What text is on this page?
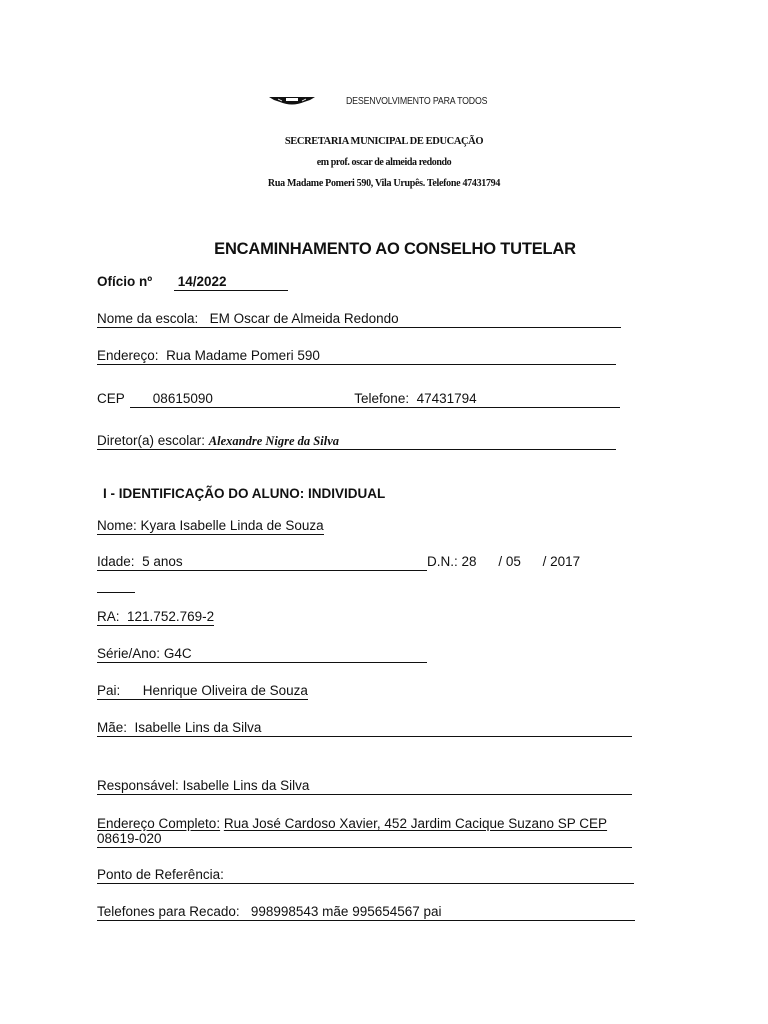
DESENVOLVIMENTO PARA TODOS
SECRETARIA MUNICIPAL DE EDUCAÇÃO
em prof. oscar de almeida redondo
Rua Madame Pomeri 590, Vila Urupês. Telefone 47431794
ENCAMINHAMENTO AO CONSELHO TUTELAR
Ofício nº 14/2022
Nome da escola: EM Oscar de Almeida Redondo
Endereço: Rua Madame Pomeri 590
CEP 08615090	Telefone: 47431794
Diretor(a) escolar: Alexandre Nigre da Silva
I - IDENTIFICAÇÃO DO ALUNO: INDIVIDUAL
Nome: Kyara Isabelle Linda de Souza
Idade: 5 anos	D.N.: 28 / 05 / 2017
RA: 121.752.769-2
Série/Ano: G4C
Pai: Henrique Oliveira de Souza
Mãe: Isabelle Lins da Silva
Responsável: Isabelle Lins da Silva
Endereço Completo: Rua José Cardoso Xavier, 452 Jardim Cacique Suzano SP CEP
08619-020
Ponto de Referência:
Telefones para Recado: 998998543 mãe 995654567 pai
